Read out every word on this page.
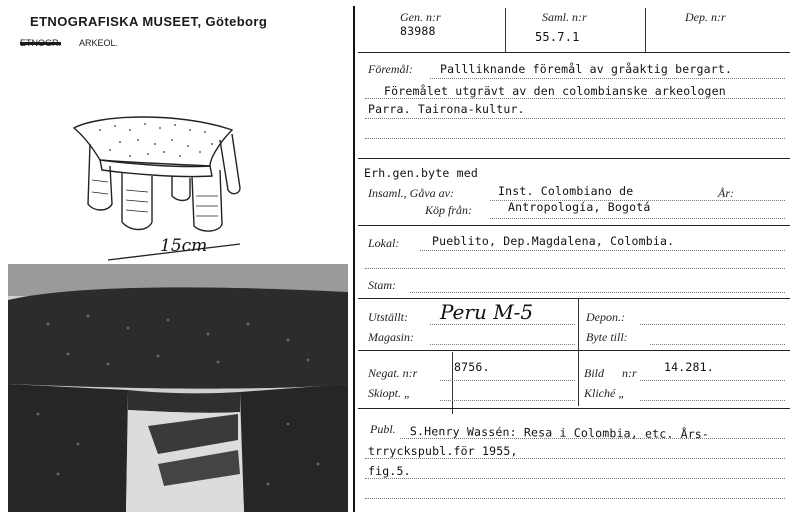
ETNOGRAFISKA MUSEET, Göteborg
ETNOGR. ARKEOL.
15cm
Gen. n:r
83988
Saml. n:r
55.7.1
Dep. n:r
Föremål: Pallliknande föremål av gråaktig bergart.
Föremålet utgrävt av den colombianske arkeologen
Parra. Tairona-kultur.
Erh.gen.byte med
Insaml., Gåva av:	Inst. Colombiano de	År:
Köp från:	Antropología, Bogotá
Lokal:	Pueblito, Dep.Magdalena, Colombia.
Stam:
Utställt: Peru M-5
Magasin:
Depon.:
Byte till:
Negat. n:r	8756.	Bild n:r 14.281.
Skiopt. „	Kliché „
Publ. S.Henry Wassén: Resa i Colombia, etc. Års-
trryckspubl.för 1955,
fig.5.
